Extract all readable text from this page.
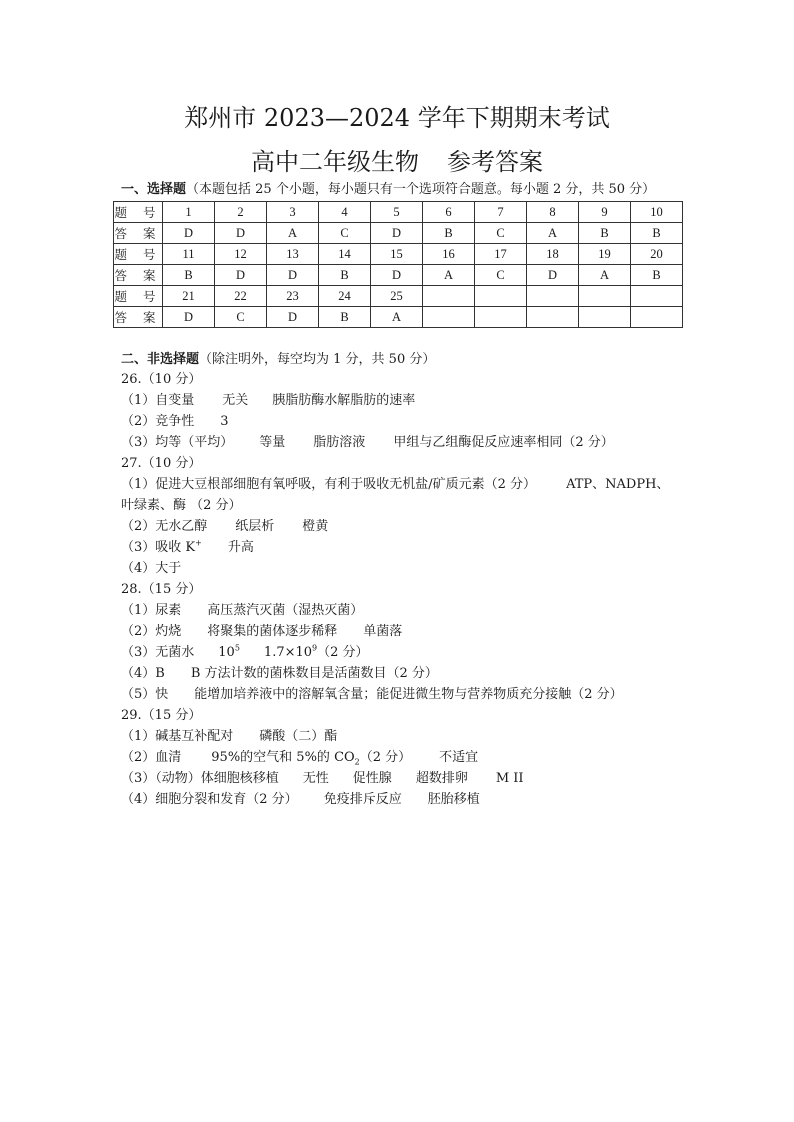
郑州市 2023—2024 学年下期期末考试
高中二年级生物 参考答案
一、选择题（本题包括 25 个小题，每小题只有一个选项符合题意。每小题 2 分，共 50 分）
题 号	1	2	3	4	5	6	7	8	9	10
答 案	D	D	A	C	D	B	C	A	B	B
题 号	11	12	13	14	15	16	17	18	19	20
答 案	B	D	D	B	D	A	C	D	A	B
题 号	21	22	23	24	25					
答 案	D	C	D	B	A					
二、非选择题（除注明外，每空均为 1 分，共 50 分）
26.（10 分）
（1）自变量 无关 胰脂肪酶水解脂肪的速率
（2）竞争性 3
（3）均等（平均） 等量 脂肪溶液 甲组与乙组酶促反应速率相同（2 分）
27.（10 分）
（1）促进大豆根部细胞有氧呼吸，有利于吸收无机盐/矿质元素（2 分） ATP、NADPH、
叶绿素、酶 （2 分）
（2）无水乙醇 纸层析 橙黄
（3）吸收 K+ 升高
（4）大于
28.（15 分）
（1）尿素 高压蒸汽灭菌（湿热灭菌）
（2）灼烧 将聚集的菌体逐步稀释 单菌落
（3）无菌水 $10^5$ $1.7\times 10^9(2$ 分）
（4）B B 方法计数的菌株数目是活菌数目（2 分）
（5）快 能增加培养液中的溶解氧含量；能促进微生物与营养物质充分接触（2 分）
29.（15 分）
（1）碱基互补配对 磷酸（二）酯
（2）血清 95%的空气和 5%的 $CO_2(2$ 分） 不适宜
（3）（动物）体细胞核移植 无性 促性腺 超数排卵 M II
（4）细胞分裂和发育（2 分） 免疫排斥反应 胚胎移植
